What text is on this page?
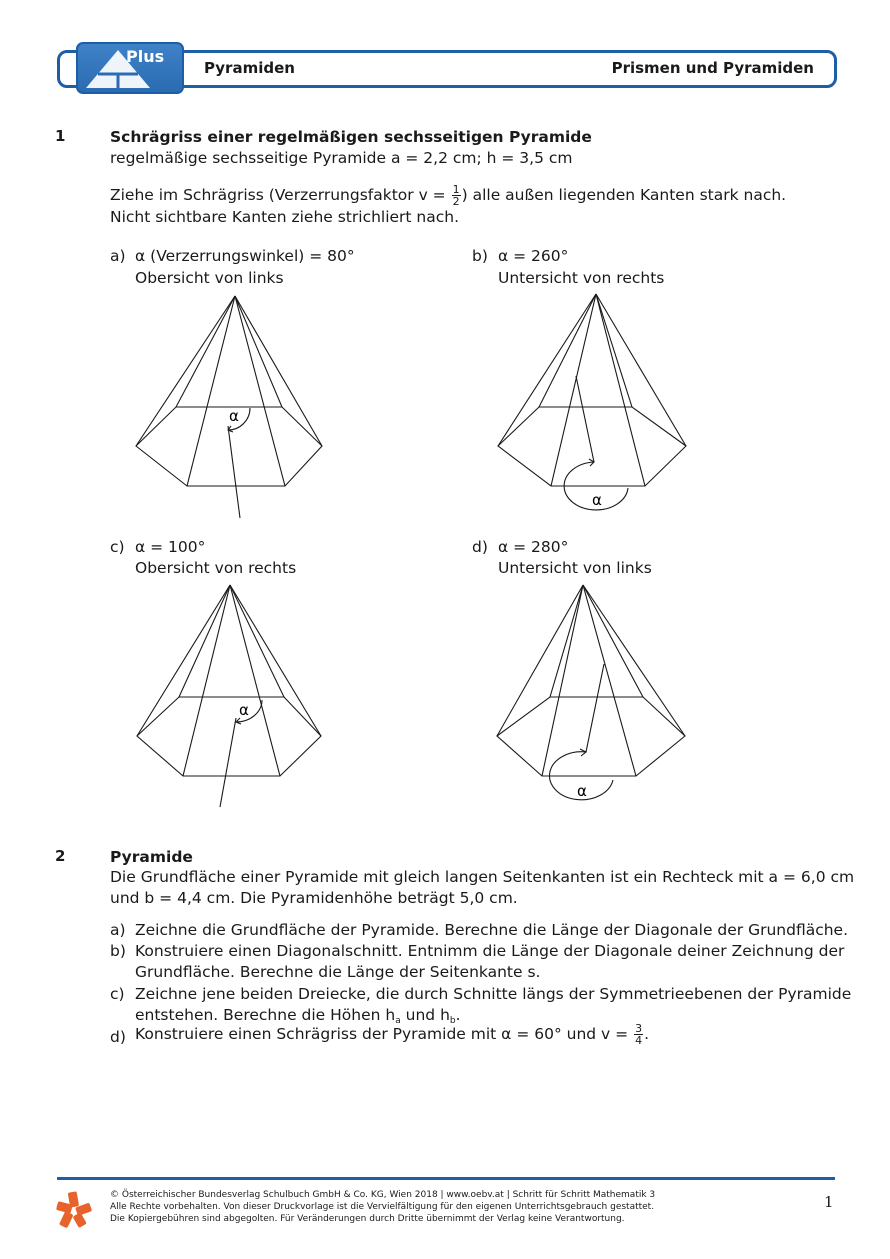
Plus
Pyramiden	Prismen und Pyramiden
1	Schrägriss einer regelmäßigen sechsseitigen Pyramide
regelmäßige sechsseitige Pyramide a = 2,2 cm; h = 3,5 cm
Ziehe im Schrägriss (Verzerrungsfaktor $v = \frac{1}{2}$ ) alle außen liegenden Kanten stark nach.
Nicht sichtbare Kanten ziehe strichliert nach.
a) α (Verzerrungswinkel) = 80°
Obersicht von links
b) α = 260°
Untersicht von rechts
c) α = 100°
Obersicht von rechts
d) α = 280°
Untersicht von links
α
α
α
α
2	Pyramide
Die Grundfläche einer Pyramide mit gleich langen Seitenkanten ist ein Rechteck mit a = 6,0 cm
und b = 4,4 cm. Die Pyramidenhöhe beträgt 5,0 cm.
a) Zeichne die Grundfläche der Pyramide. Berechne die Länge der Diagonale der Grundfläche.
b) Konstruiere einen Diagonalschnitt. Entnimm die Länge der Diagonale deiner Zeichnung der
Grundfläche. Berechne die Länge der Seitenkante s.
c) Zeichne jene beiden Dreiecke, die durch Schnitte längs der Symmetrieebenen der Pyramide
entstehen. Berechne die Höhen $h_a$ und $h_b$.
d) Konstruiere einen Schrägriss der Pyramide mit α = 60° und $v = \frac{3}{4}$ .
© Österreichischer Bundesverlag Schulbuch GmbH & Co. KG, Wien 2018 | www.oebv.at | Schritt für Schritt Mathematik 3
Alle Rechte vorbehalten. Von dieser Druckvorlage ist die Vervielfältigung für den eigenen Unterrichtsgebrauch gestattet.
Die Kopiergebühren sind abgegolten. Für Veränderungen durch Dritte übernimmt der Verlag keine Verantwortung.
1
